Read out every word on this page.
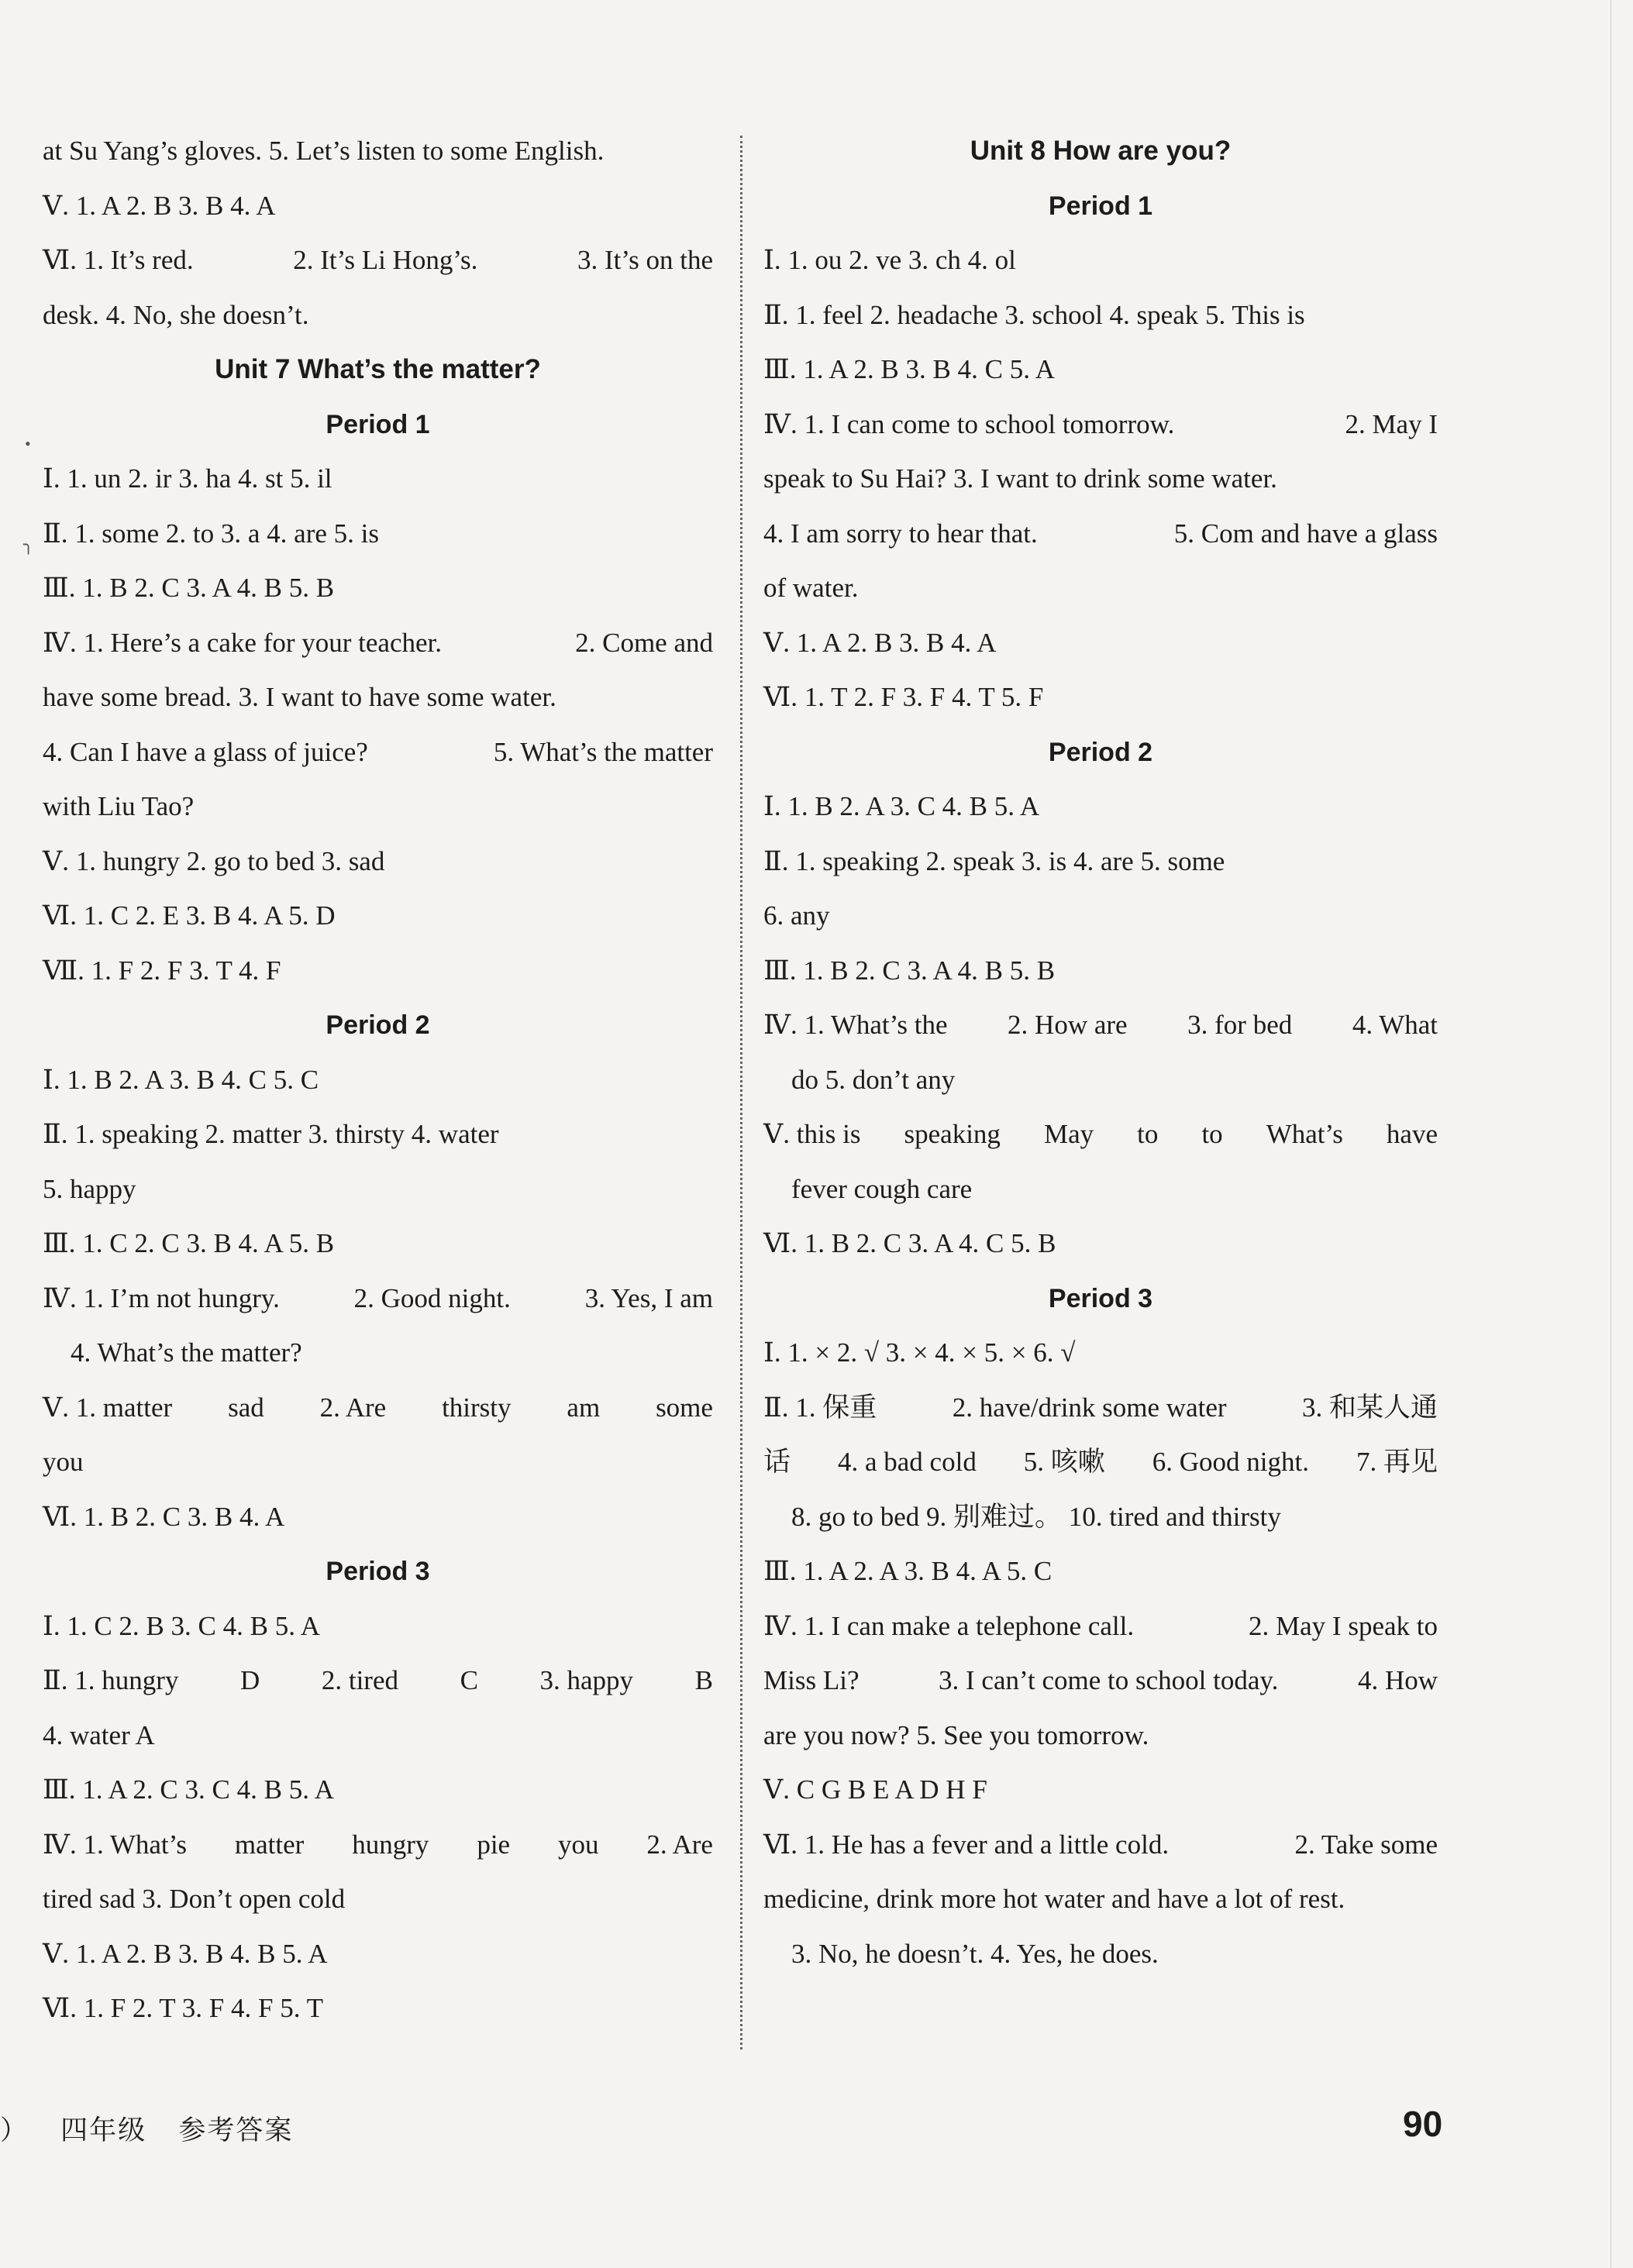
•
╮
at Su Yang’s gloves. 5. Let’s listen to some English.
Ⅴ. 1. A 2. B 3. B 4. A
Ⅵ. 1. It’s red.	2. It’s Li Hong’s.	3. It’s on the
desk. 4. No, she doesn’t.
Unit 7 What’s the matter?
Period 1
Ⅰ. 1. un 2. ir 3. ha 4. st 5. il
Ⅱ. 1. some 2. to 3. a 4. are 5. is
Ⅲ. 1. B 2. C 3. A 4. B 5. B
Ⅳ. 1. Here’s a cake for your teacher.	2. Come and
have some bread. 3. I want to have some water.
4. Can I have a glass of juice?	5. What’s the matter
with Liu Tao?
Ⅴ. 1. hungry 2. go to bed 3. sad
Ⅵ. 1. C 2. E 3. B 4. A 5. D
Ⅶ. 1. F 2. F 3. T 4. F
Period 2
Ⅰ. 1. B 2. A 3. B 4. C 5. C
Ⅱ. 1. speaking 2. matter 3. thirsty 4. water
5. happy
Ⅲ. 1. C 2. C 3. B 4. A 5. B
Ⅳ. 1. I’m not hungry.	2. Good night.	3. Yes, I am
4. What’s the matter?
Ⅴ. 1. matter sad 2. Are thirsty am some
you
Ⅵ. 1. B 2. C 3. B 4. A
Period 3
Ⅰ. 1. C 2. B 3. C 4. B 5. A
Ⅱ. 1. hungry D 2. tired C 3. happy B
4. water A
Ⅲ. 1. A 2. C 3. C 4. B 5. A
Ⅳ. 1. What’s matter hungry pie you 2. Are
tired sad 3. Don’t open cold
Ⅴ. 1. A 2. B 3. B 4. B 5. A
Ⅵ. 1. F 2. T 3. F 4. F 5. T
Unit 8 How are you?
Period 1
Ⅰ. 1. ou 2. ve 3. ch 4. ol
Ⅱ. 1. feel 2. headache 3. school 4. speak 5. This is
Ⅲ. 1. A 2. B 3. B 4. C 5. A
Ⅳ. 1. I can come to school tomorrow.	2. May I
speak to Su Hai? 3. I want to drink some water.
4. I am sorry to hear that.	5. Com and have a glass
of water.
Ⅴ. 1. A 2. B 3. B 4. A
Ⅵ. 1. T 2. F 3. F 4. T 5. F
Period 2
Ⅰ. 1. B 2. A 3. C 4. B 5. A
Ⅱ. 1. speaking 2. speak 3. is 4. are 5. some
6. any
Ⅲ. 1. B 2. C 3. A 4. B 5. B
Ⅳ. 1. What’s the 2. How are 3. for bed 4. What
do 5. don’t any
Ⅴ. this is speaking May to to What’s have
fever cough care
Ⅵ. 1. B 2. C 3. A 4. C 5. B
Period 3
Ⅰ. 1. × 2. √ 3. × 4. × 5. × 6. √
Ⅱ. 1. 保重	2. have/drink some water	3. 和某人通
话 4. a bad cold 5. 咳嗽 6. Good night. 7. 再见
8. go to bed 9. 别难过。 10. tired and thirsty
Ⅲ. 1. A 2. A 3. B 4. A 5. C
Ⅳ. 1. I can make a telephone call.	2. May I speak to
Miss Li?	3. I can’t come to school today.	4. How
are you now? 5. See you tomorrow.
Ⅴ. C G B E A D H F
Ⅵ. 1. He has a fever and a little cold.	2. Take some
medicine, drink more hot water and have a lot of rest.
3. No, he doesn’t. 4. Yes, he does.
） 四年级 参考答案	90
